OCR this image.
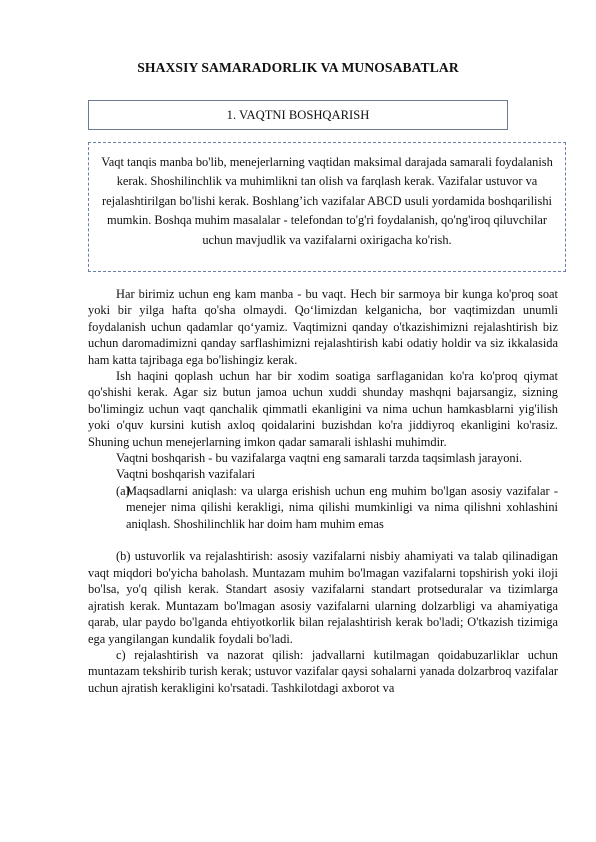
SHAXSIY SAMARADORLIK VA MUNOSABATLAR
1. VAQTNI BOSHQARISH
Vaqt tanqis manba bo'lib, menejerlarning vaqtidan maksimal darajada samarali foydalanish kerak. Shoshilinchlik va muhimlikni tan olish va farqlash kerak. Vazifalar ustuvor va rejalashtirilgan bo'lishi kerak. Boshlang’ich vazifalar ABCD usuli yordamida boshqarilishi mumkin. Boshqa muhim masalalar - telefondan to'g'ri foydalanish, qo'ng'iroq qiluvchilar uchun mavjudlik va vazifalarni oxirigacha ko'rish.

Har birimiz uchun eng kam manba - bu vaqt. Hech bir sarmoya bir kunga ko'proq soat yoki bir yilga hafta qo'sha olmaydi. Qo‘limizdan kelganicha, bor vaqtimizdan unumli foydalanish uchun qadamlar qo‘yamiz. Vaqtimizni qanday o'tkazishimizni rejalashtirish biz uchun daromadimizni qanday sarflashimizni rejalashtirish kabi odatiy holdir va siz ikkalasida ham katta tajribaga ega bo'lishingiz kerak.

Ish haqini qoplash uchun har bir xodim soatiga sarflaganidan ko'ra ko'proq qiymat qo'shishi kerak. Agar siz butun jamoa uchun xuddi shunday mashqni bajarsangiz, sizning bo'limingiz uchun vaqt qanchalik qimmatli ekanligini va nima uchun hamkasblarni yig'ilish yoki o'quv kursini kutish axloq qoidalarini buzishdan ko'ra jiddiyroq ekanligini ko'rasiz. Shuning uchun menejerlarning imkon qadar samarali ishlashi muhimdir.

Vaqtni boshqarish - bu vazifalarga vaqtni eng samarali tarzda taqsimlash jarayoni.

Vaqtni boshqarish vazifalari

(a)
Maqsadlarni aniqlash: va ularga erishish uchun eng muhim bo'lgan asosiy vazifalar - menejer nima qilishi kerakligi, nima qilishi mumkinligi va nima qilishni xohlashini aniqlash. Shoshilinchlik har doim ham muhim emas

(b) ustuvorlik va rejalashtirish: asosiy vazifalarni nisbiy ahamiyati va talab qilinadigan vaqt miqdori bo'yicha baholash. Muntazam muhim bo'lmagan vazifalarni topshirish yoki iloji bo'lsa, yo'q qilish kerak. Standart asosiy vazifalarni standart protseduralar va tizimlarga ajratish kerak. Muntazam bo'lmagan asosiy vazifalarni ularning dolzarbligi va ahamiyatiga qarab, ular paydo bo'lganda ehtiyotkorlik bilan rejalashtirish kerak bo'ladi; O'tkazish tizimiga ega yangilangan kundalik foydali bo'ladi.

c) rejalashtirish va nazorat qilish: jadvallarni kutilmagan qoidabuzarliklar uchun muntazam tekshirib turish kerak; ustuvor vazifalar qaysi sohalarni yanada dolzarbroq vazifalar uchun ajratish kerakligini ko'rsatadi. Tashkilotdagi axborot va
